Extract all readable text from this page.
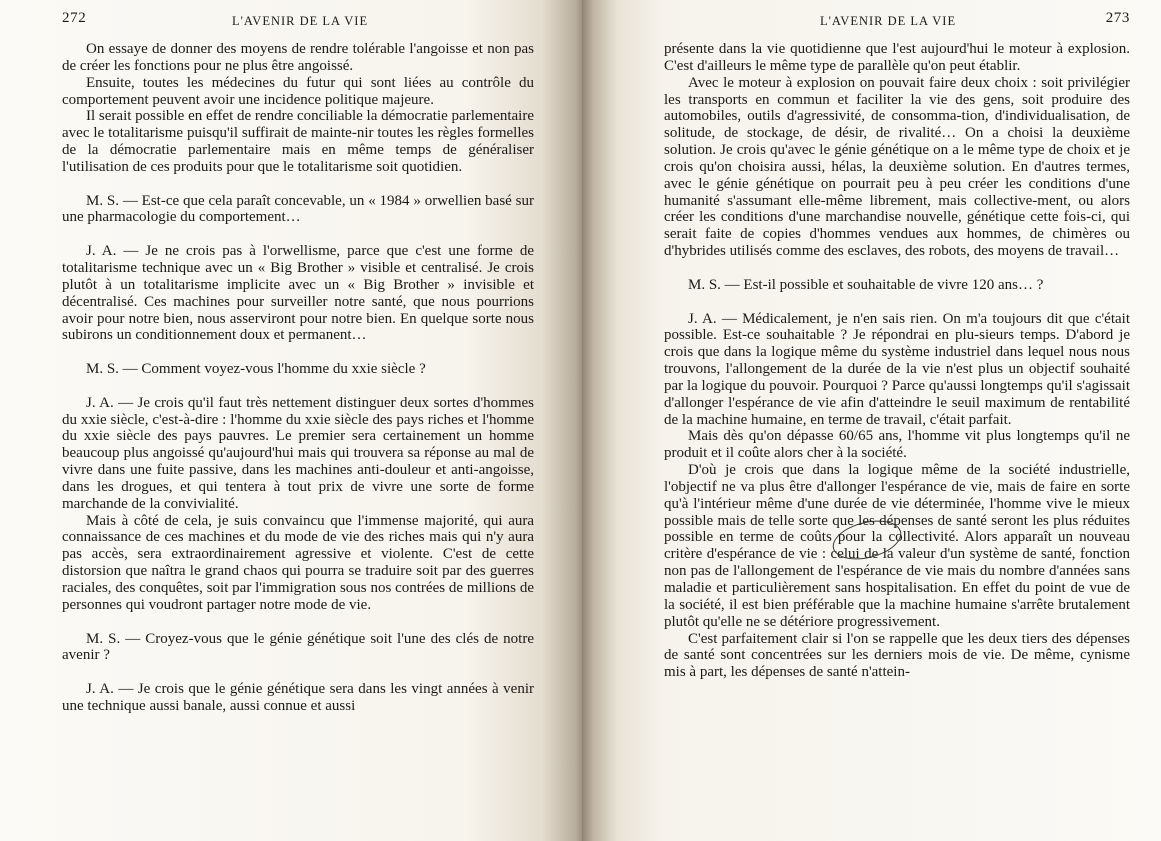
272	L'AVENIR DE LA VIE

On essaye de donner des moyens de rendre tolérable l'angoisse et non pas de créer les fonctions pour ne plus être angoissé.

Ensuite, toutes les médecines du futur qui sont liées au contrôle du comportement peuvent avoir une incidence politique majeure.

Il serait possible en effet de rendre conciliable la démocratie parlementaire avec le totalitarisme puisqu'il suffirait de mainte-nir toutes les règles formelles de la démocratie parlementaire mais en même temps de généraliser l'utilisation de ces produits pour que le totalitarisme soit quotidien.

M. S. — Est-ce que cela paraît concevable, un « 1984 » orwellien basé sur une pharmacologie du comportement…

J. A. — Je ne crois pas à l'orwellisme, parce que c'est une forme de totalitarisme technique avec un « Big Brother » visible et centralisé. Je crois plutôt à un totalitarisme implicite avec un « Big Brother » invisible et décentralisé. Ces machines pour surveiller notre santé, que nous pourrions avoir pour notre bien, nous asserviront pour notre bien. En quelque sorte nous subirons un conditionnement doux et permanent…

M. S. — Comment voyez-vous l'homme du xxie siècle ?

J. A. — Je crois qu'il faut très nettement distinguer deux sortes d'hommes du xxie siècle, c'est-à-dire : l'homme du xxie siècle des pays riches et l'homme du xxie siècle des pays pauvres. Le premier sera certainement un homme beaucoup plus angoissé qu'aujourd'hui mais qui trouvera sa réponse au mal de vivre dans une fuite passive, dans les machines anti-douleur et anti-angoisse, dans les drogues, et qui tentera à tout prix de vivre une sorte de forme marchande de la convivialité.

Mais à côté de cela, je suis convaincu que l'immense majorité, qui aura connaissance de ces machines et du mode de vie des riches mais qui n'y aura pas accès, sera extraordinairement agressive et violente. C'est de cette distorsion que naîtra le grand chaos qui pourra se traduire soit par des guerres raciales, des conquêtes, soit par l'immigration sous nos contrées de millions de personnes qui voudront partager notre mode de vie.

M. S. — Croyez-vous que le génie génétique soit l'une des clés de notre avenir ?

J. A. — Je crois que le génie génétique sera dans les vingt années à venir une technique aussi banale, aussi connue et aussi

L'AVENIR DE LA VIE	273

présente dans la vie quotidienne que l'est aujourd'hui le moteur à explosion. C'est d'ailleurs le même type de parallèle qu'on peut établir.

Avec le moteur à explosion on pouvait faire deux choix : soit privilégier les transports en commun et faciliter la vie des gens, soit produire des automobiles, outils d'agressivité, de consomma-tion, d'individualisation, de solitude, de stockage, de désir, de rivalité… On a choisi la deuxième solution. Je crois qu'avec le génie génétique on a le même type de choix et je crois qu'on choisira aussi, hélas, la deuxième solution. En d'autres termes, avec le génie génétique on pourrait peu à peu créer les conditions d'une humanité s'assumant elle-même librement, mais collective-ment, ou alors créer les conditions d'une marchandise nouvelle, génétique cette fois-ci, qui serait faite de copies d'hommes vendues aux hommes, de chimères ou d'hybrides utilisés comme des esclaves, des robots, des moyens de travail…

M. S. — Est-il possible et souhaitable de vivre 120 ans… ?

J. A. — Médicalement, je n'en sais rien. On m'a toujours dit que c'était possible. Est-ce souhaitable ? Je répondrai en plu-sieurs temps. D'abord je crois que dans la logique même du système industriel dans lequel nous nous trouvons, l'allongement de la durée de la vie n'est plus un objectif souhaité par la logique du pouvoir. Pourquoi ? Parce qu'aussi longtemps qu'il s'agissait d'allonger l'espérance de vie afin d'atteindre le seuil maximum de rentabilité de la machine humaine, en terme de travail, c'était parfait.

Mais dès qu'on dépasse 60/65 ans, l'homme vit plus longtemps qu'il ne produit et il coûte alors cher à la société.

D'où je crois que dans la logique même de la société industrielle, l'objectif ne va plus être d'allonger l'espérance de vie, mais de faire en sorte qu'à l'intérieur même d'une durée de vie déterminée, l'homme vive le mieux possible mais de telle sorte que les dépenses de santé seront les plus réduites possible en terme de coûts pour la collectivité. Alors apparaît un nouveau critère d'espérance de vie : celui de la valeur d'un système de santé, fonction non pas de l'allongement de l'espérance de vie mais du nombre d'années sans maladie et particulièrement sans hospitalisation. En effet du point de vue de la société, il est bien préférable que la machine humaine s'arrête brutalement plutôt qu'elle ne se détériore progressivement.

C'est parfaitement clair si l'on se rappelle que les deux tiers des dépenses de santé sont concentrées sur les derniers mois de vie. De même, cynisme mis à part, les dépenses de santé n'attein-
